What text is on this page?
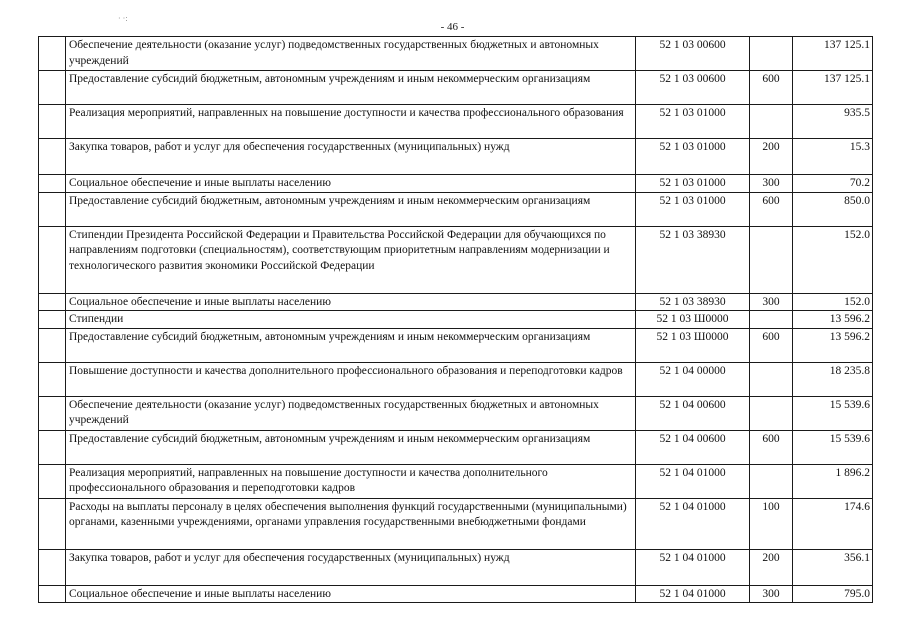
- 46 -
· ·:
	Обеспечение деятельности (оказание услуг) подведомственных государственных бюджетных и автономных учреждений	52 1 03 00600		137 125.1
	Предоставление субсидий бюджетным, автономным учреждениям и иным некоммерческим организациям	52 1 03 00600	600	137 125.1
	Реализация мероприятий, направленных на повышение доступности и качества профессионального образования	52 1 03 01000		935.5
	Закупка товаров, работ и услуг для обеспечения государственных (муниципальных) нужд	52 1 03 01000	200	15.3
	Социальное обеспечение и иные выплаты населению	52 1 03 01000	300	70.2
	Предоставление субсидий бюджетным, автономным учреждениям и иным некоммерческим организациям	52 1 03 01000	600	850.0
	Стипендии Президента Российской Федерации и Правительства Российской Федерации для обучающихся по направлениям подготовки (специальностям), соответствующим приоритетным направлениям модернизации и технологического развития экономики Российской Федерации	52 1 03 38930		152.0
	Социальное обеспечение и иные выплаты населению	52 1 03 38930	300	152.0
	Стипендии	52 1 03 Ш0000		13 596.2
	Предоставление субсидий бюджетным, автономным учреждениям и иным некоммерческим организациям	52 1 03 Ш0000	600	13 596.2
	Повышение доступности и качества дополнительного профессионального образования и переподготовки кадров	52 1 04 00000		18 235.8
	Обеспечение деятельности (оказание услуг) подведомственных государственных бюджетных и автономных учреждений	52 1 04 00600		15 539.6
	Предоставление субсидий бюджетным, автономным учреждениям и иным некоммерческим организациям	52 1 04 00600	600	15 539.6
	Реализация мероприятий, направленных на повышение доступности и качества дополнительного профессионального образования и переподготовки кадров	52 1 04 01000		1 896.2
	Расходы на выплаты персоналу в целях обеспечения выполнения функций государственными (муниципальными) органами, казенными учреждениями, органами управления государственными внебюджетными фондами	52 1 04 01000	100	174.6
	Закупка товаров, работ и услуг для обеспечения государственных (муниципальных) нужд	52 1 04 01000	200	356.1
	Социальное обеспечение и иные выплаты населению	52 1 04 01000	300	795.0
